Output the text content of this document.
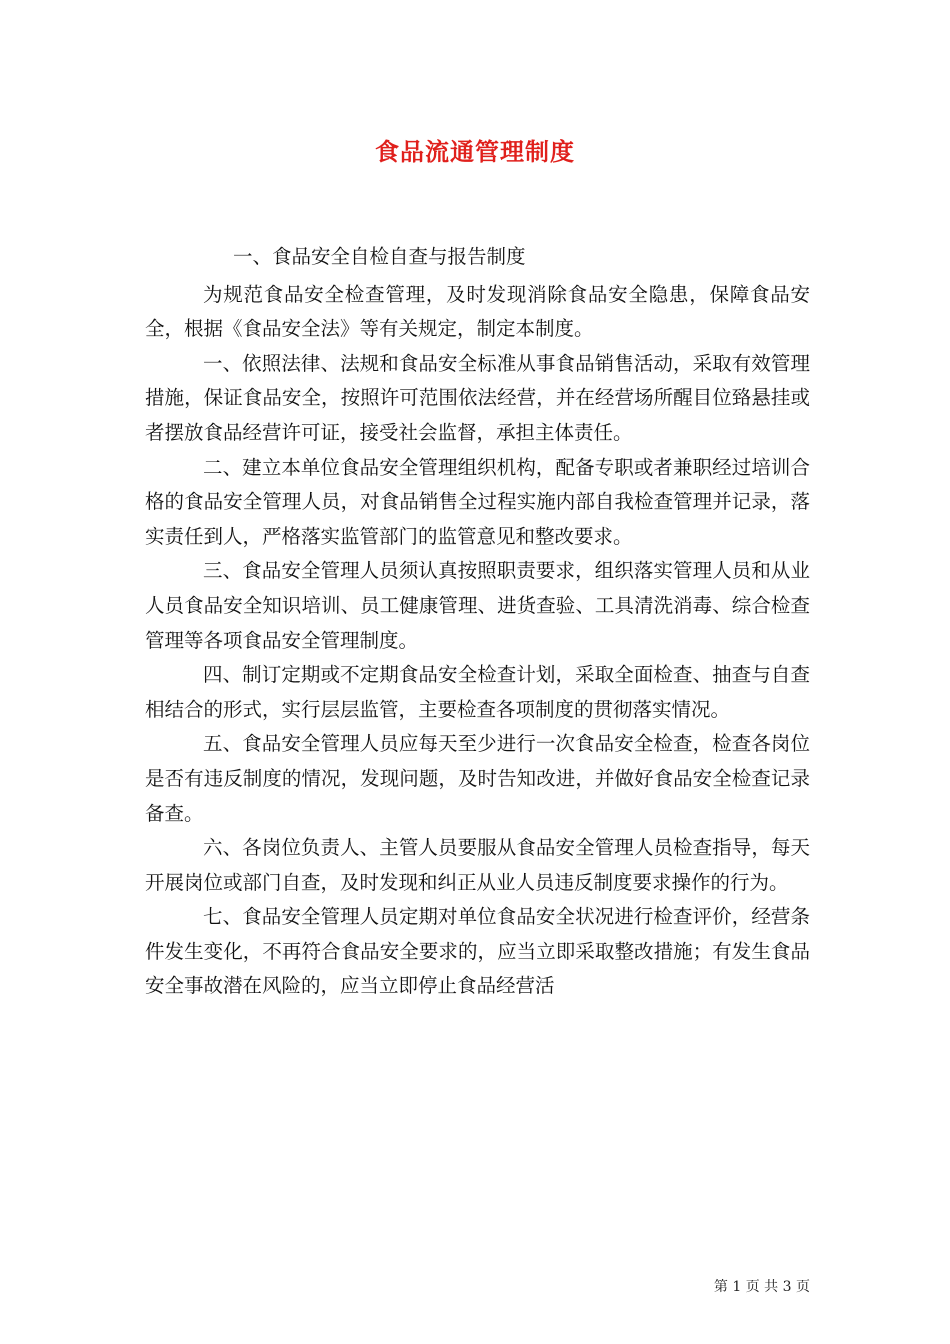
食品流通管理制度

一、食品安全自检自查与报告制度

为规范食品安全检查管理，及时发现消除食品安全隐患，保障食品安全，根据《食品安全法》等有关规定，制定本制度。

一、依照法律、法规和食品安全标准从事食品销售活动，采取有效管理措施，保证食品安全，按照许可范围依法经营，并在经营场所醒目位臵悬挂或者摆放食品经营许可证，接受社会监督，承担主体责任。

二、建立本单位食品安全管理组织机构，配备专职或者兼职经过培训合格的食品安全管理人员，对食品销售全过程实施内部自我检查管理并记录，落实责任到人，严格落实监管部门的监管意见和整改要求。

三、食品安全管理人员须认真按照职责要求，组织落实管理人员和从业人员食品安全知识培训、员工健康管理、进货查验、工具清洗消毒、综合检查管理等各项食品安全管理制度。

四、制订定期或不定期食品安全检查计划，采取全面检查、抽查与自查相结合的形式，实行层层监管，主要检查各项制度的贯彻落实情况。

五、食品安全管理人员应每天至少进行一次食品安全检查，检查各岗位是否有违反制度的情况，发现问题，及时告知改进，并做好食品安全检查记录备查。

六、各岗位负责人、主管人员要服从食品安全管理人员检查指导，每天开展岗位或部门自查，及时发现和纠正从业人员违反制度要求操作的行为。

七、食品安全管理人员定期对单位食品安全状况进行检查评价，经营条件发生变化，不再符合食品安全要求的，应当立即采取整改措施；有发生食品安全事故潜在风险的，应当立即停止食品经营活

第 1 页 共 3 页
